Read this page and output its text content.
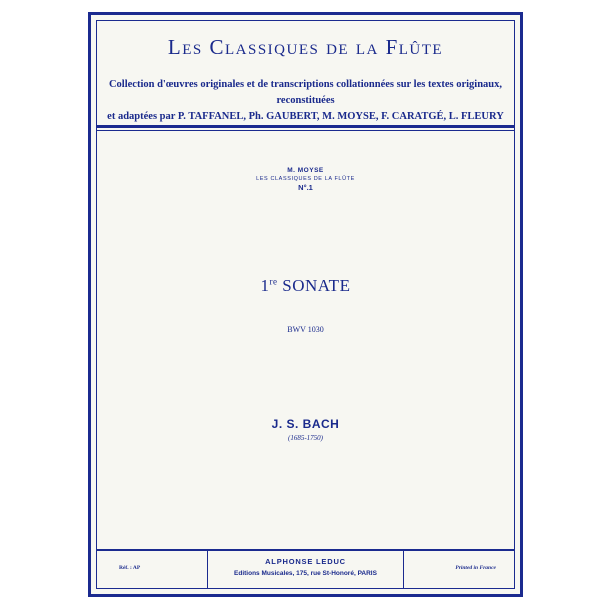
Les Classiques de la Flûte
Collection d'œuvres originales et de transcriptions collationnées sur les textes originaux, reconstituées
et adaptées par P. TAFFANEL, Ph. GAUBERT, M. MOYSE, F. CARATGÉ, L. FLEURY
M. MOYSE
LES CLASSIQUES DE LA FLÛTE
N°.1
1re SONATE
BWV 1030
J. S. BACH
(1685-1750)
Réf. : AP
ALPHONSE LEDUC
Editions Musicales, 175, rue St-Honoré, PARIS
Printed in France
